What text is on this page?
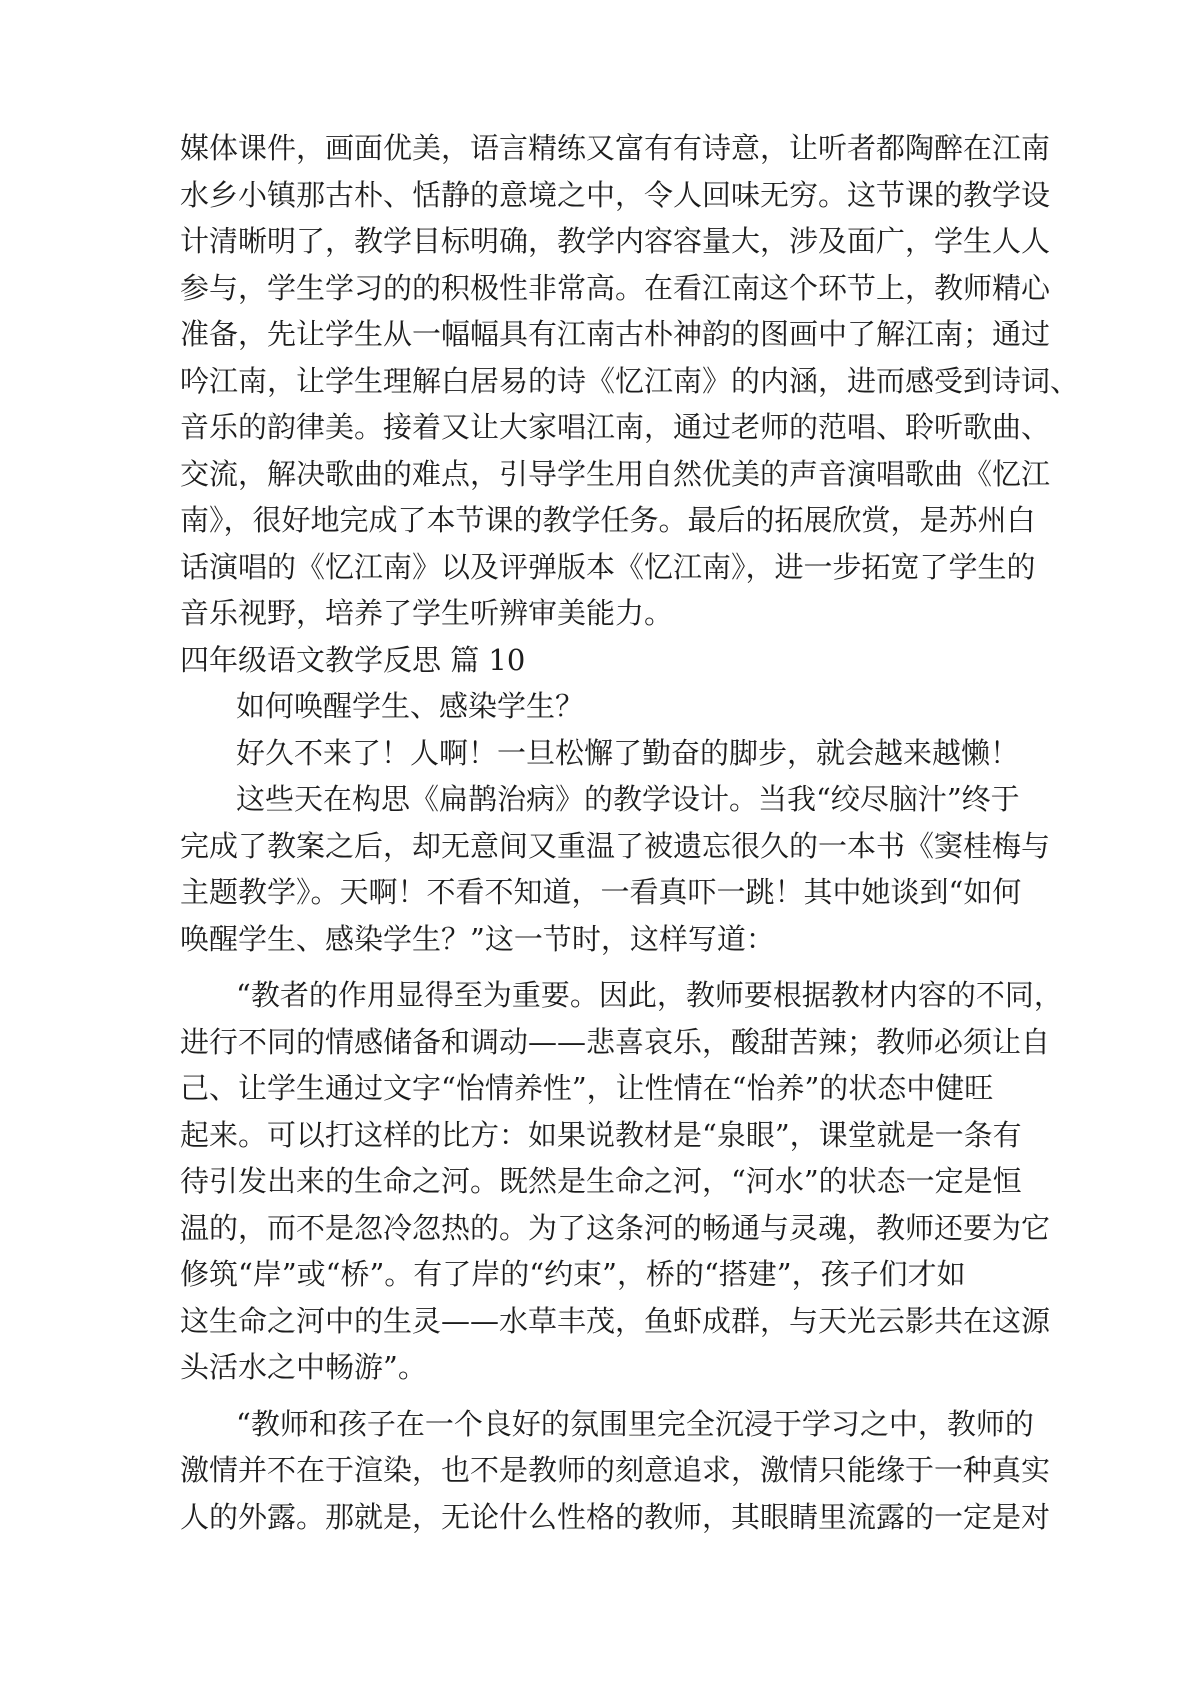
媒体课件，画面优美，语言精练又富有有诗意，让听者都陶醉在江南
水乡小镇那古朴、恬静的意境之中，令人回味无穷。这节课的教学设
计清晰明了，教学目标明确，教学内容容量大，涉及面广，学生人人
参与，学生学习的的积极性非常高。在看江南这个环节上，教师精心
准备，先让学生从一幅幅具有江南古朴神韵的图画中了解江南；通过
吟江南，让学生理解白居易的诗《忆江南》的内涵，进而感受到诗词、
音乐的韵律美。接着又让大家唱江南，通过老师的范唱、聆听歌曲、
交流，解决歌曲的难点，引导学生用自然优美的声音演唱歌曲《忆江
南》，很好地完成了本节课的教学任务。最后的拓展欣赏，是苏州白
话演唱的《忆江南》以及评弹版本《忆江南》，进一步拓宽了学生的
音乐视野，培养了学生听辨审美能力。
四年级语文教学反思 篇 10
如何唤醒学生、感染学生？
好久不来了！人啊！一旦松懈了勤奋的脚步，就会越来越懒！
这些天在构思《扁鹊治病》的教学设计。当我“绞尽脑汁”终于
完成了教案之后，却无意间又重温了被遗忘很久的一本书《窦桂梅与
主题教学》。天啊！不看不知道，一看真吓一跳！其中她谈到“如何
唤醒学生、感染学生？”这一节时，这样写道：
“教者的作用显得至为重要。因此，教师要根据教材内容的不同，
进行不同的情感储备和调动——悲喜哀乐，酸甜苦辣；教师必须让自
己、让学生通过文字“怡情养性”，让性情在“怡养”的状态中健旺
起来。可以打这样的比方：如果说教材是“泉眼”，课堂就是一条有
待引发出来的生命之河。既然是生命之河，“河水”的状态一定是恒
温的，而不是忽冷忽热的。为了这条河的畅通与灵魂，教师还要为它
修筑“岸”或“桥”。有了岸的“约束”，桥的“搭建”，孩子们才如
这生命之河中的生灵——水草丰茂，鱼虾成群，与天光云影共在这源
头活水之中畅游”。
“教师和孩子在一个良好的氛围里完全沉浸于学习之中，教师的
激情并不在于渲染，也不是教师的刻意追求，激情只能缘于一种真实
人的外露。那就是，无论什么性格的教师，其眼睛里流露的一定是对
